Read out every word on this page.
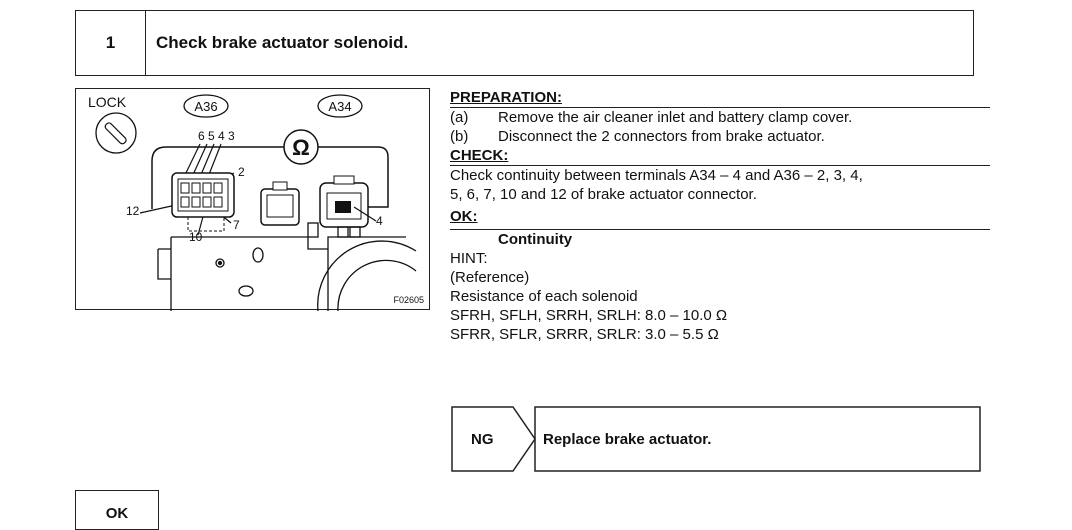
1	Check brake actuator solenoid.
LOCK	A36	A34
Ω
6 5 4 3
2
12
7
10
4
F02605
PREPARATION:
(a)	Remove the air cleaner inlet and battery clamp cover.
(b)	Disconnect the 2 connectors from brake actuator.
CHECK:
Check continuity between terminals A34 – 4 and A36 – 2, 3, 4,
5, 6, 7, 10 and 12 of brake actuator connector.
OK:
Continuity
HINT:
(Reference)
Resistance of each solenoid
SFRH, SFLH, SRRH, SRLH: 8.0 – 10.0 Ω
SFRR, SFLR, SRRR, SRLR: 3.0 – 5.5 Ω
NG	Replace brake actuator.
OK
